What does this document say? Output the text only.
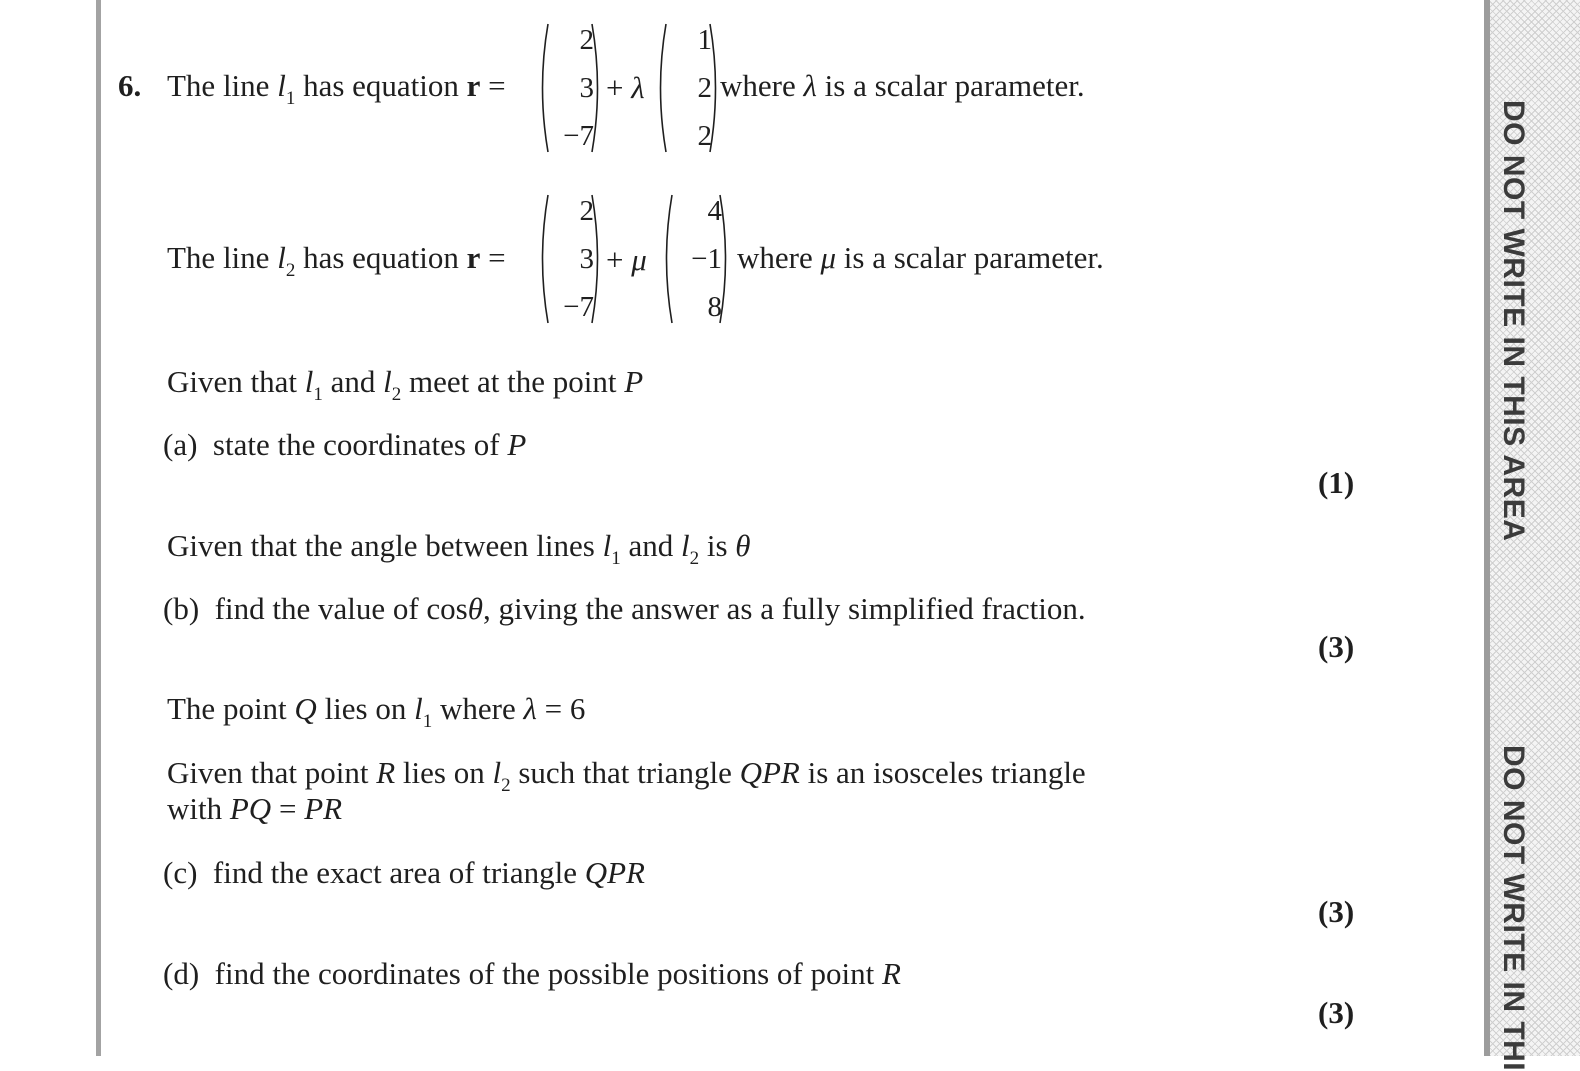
DO NOT WRITE IN THIS AREA
DO NOT WRITE IN THI
6. The line $l_1$ has equation r =
2
3
−7
+ λ
1
2
2
where λ is a scalar parameter.
The line $l_2$ has equation r =
2
3
−7
+ μ
4
−1
8
where μ is a scalar parameter.
Given that $l_1$ and $l_2$ meet at the point P
(a) state the coordinates of P
(1)
Given that the angle between lines $l_1$ and $l_2$ is θ
(b) find the value of cosθ, giving the answer as a fully simplified fraction.
(3)
The point Q lies on $l_1$ where λ = 6
Given that point R lies on $l_2$ such that triangle QPR is an isosceles triangle
with PQ = PR
(c) find the exact area of triangle QPR
(3)
(d) find the coordinates of the possible positions of point R
(3)
